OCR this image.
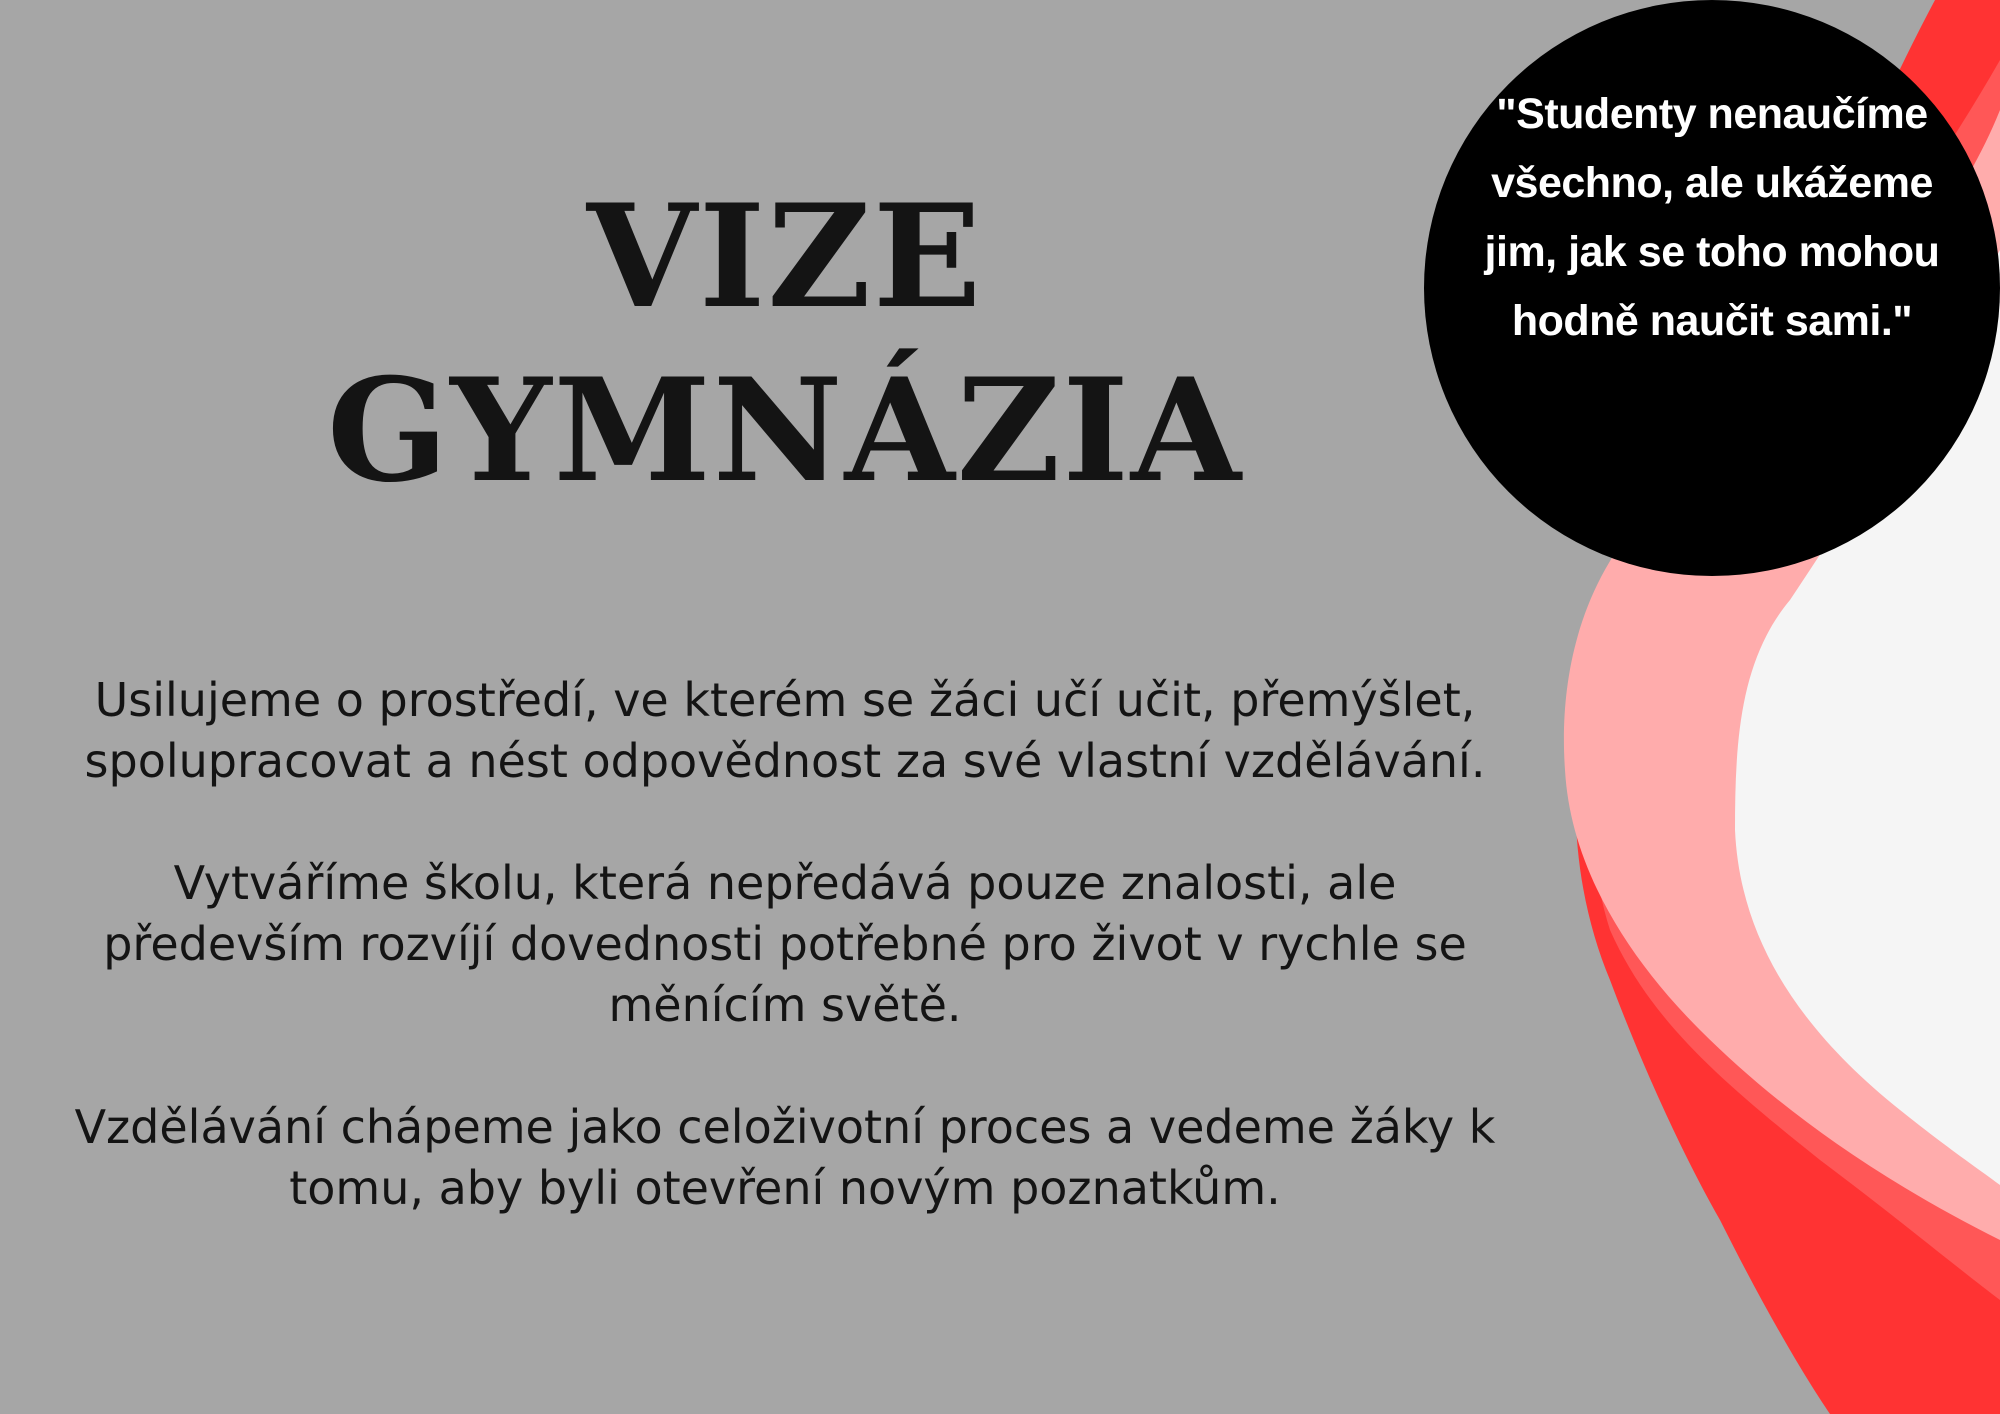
VIZE
GYMNÁZIA

Usilujeme o prostředí, ve kterém se žáci učí učit, přemýšlet, spolupracovat a nést odpovědnost za své vlastní vzdělávání.

Vytváříme školu, která nepředává pouze znalosti, ale především rozvíjí dovednosti potřebné pro život v rychle se měnícím světě.

Vzdělávání chápeme jako celoživotní proces a vedeme žáky k tomu, aby byli otevření novým poznatkům.

"Studenty nenaučíme všechno, ale ukážeme jim, jak se toho mohou hodně naučit sami."
